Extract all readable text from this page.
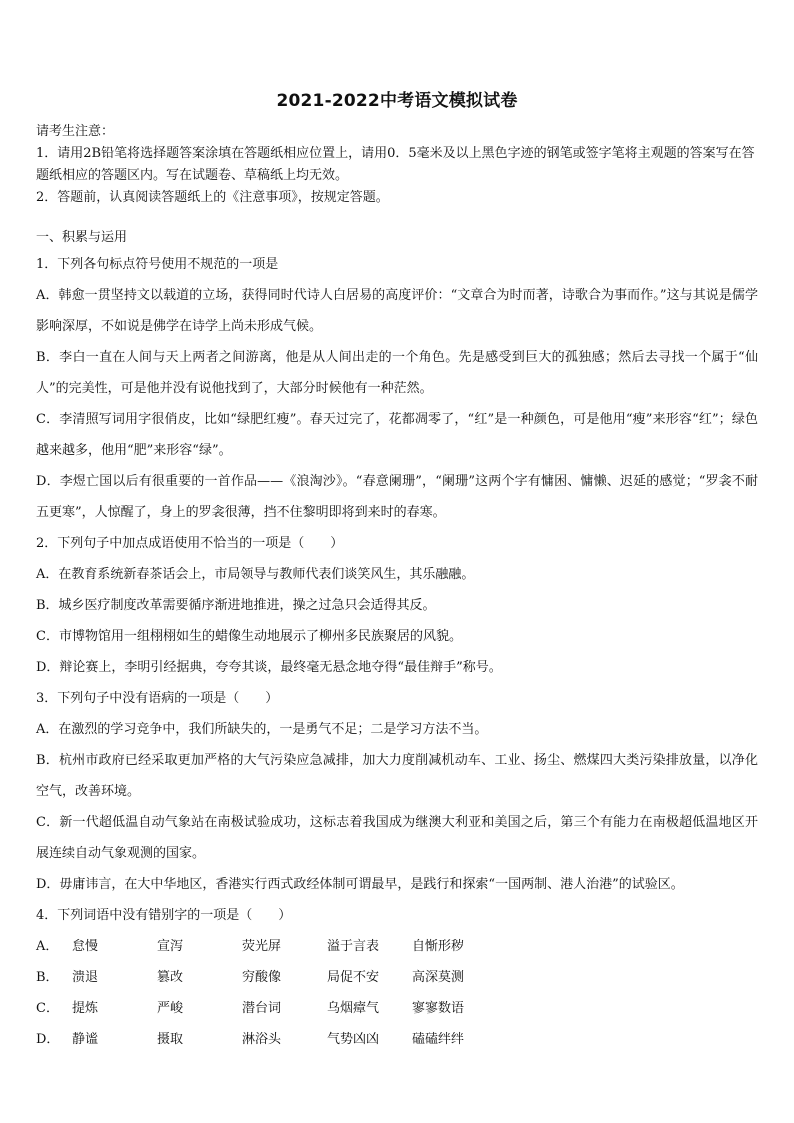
2021-2022中考语文模拟试卷

请考生注意：

1．请用2B铅笔将选择题答案涂填在答题纸相应位置上，请用0．5毫米及以上黑色字迹的钢笔或签字笔将主观题的答案写在答题纸相应的答题区内。写在试题卷、草稿纸上均无效。

2．答题前，认真阅读答题纸上的《注意事项》，按规定答题。

一、积累与运用

1．下列各句标点符号使用不规范的一项是

A．韩愈一贯坚持文以载道的立场，获得同时代诗人白居易的高度评价：“文章合为时而著，诗歌合为事而作。”这与其说是儒学影响深厚，不如说是佛学在诗学上尚未形成气候。

B．李白一直在人间与天上两者之间游离，他是从人间出走的一个角色。先是感受到巨大的孤独感；然后去寻找一个属于“仙人”的完美性，可是他并没有说他找到了，大部分时候他有一种茫然。

C．李清照写词用字很俏皮，比如“绿肥红瘦”。春天过完了，花都凋零了，“红”是一种颜色，可是他用“瘦”来形容“红”；绿色越来越多，他用“肥”来形容“绿”。

D．李煜亡国以后有很重要的一首作品——《浪淘沙》。“春意阑珊”，“阑珊”这两个字有慵困、慵懒、迟延的感觉；“罗衾不耐五更寒”，人惊醒了，身上的罗衾很薄，挡不住黎明即将到来时的春寒。

2．下列句子中加点成语使用不恰当的一项是（　　）

A．在教育系统新春茶话会上，市局领导与教师代表们谈笑风生，其乐融融。

B．城乡医疗制度改革需要循序渐进地推进，操之过急只会适得其反。

C．市博物馆用一组栩栩如生的蜡像生动地展示了柳州多民族聚居的风貌。

D．辩论赛上，李明引经据典，夸夸其谈，最终毫无悬念地夺得“最佳辩手”称号。

3．下列句子中没有语病的一项是（　　）

A．在激烈的学习竞争中，我们所缺失的，一是勇气不足；二是学习方法不当。

B．杭州市政府已经采取更加严格的大气污染应急减排，加大力度削减机动车、工业、扬尘、燃煤四大类污染排放量，以净化空气，改善环境。

C．新一代超低温自动气象站在南极试验成功，这标志着我国成为继澳大利亚和美国之后，第三个有能力在南极超低温地区开展连续自动气象观测的国家。

D．毋庸讳言，在大中华地区，香港实行西式政经体制可谓最早，是践行和探索“一国两制、港人治港”的试验区。

4．下列词语中没有错别字的一项是（　　）

A．	怠慢	宣泻	荧光屏	溢于言表	自惭形秽
B．	溃退	篡改	穷酸像	局促不安	高深莫测
C．	提炼	严峻	潜台词	乌烟瘴气	寥寥数语
D． 静谧	摄取	淋浴头	气势凶凶	磕磕绊绊
